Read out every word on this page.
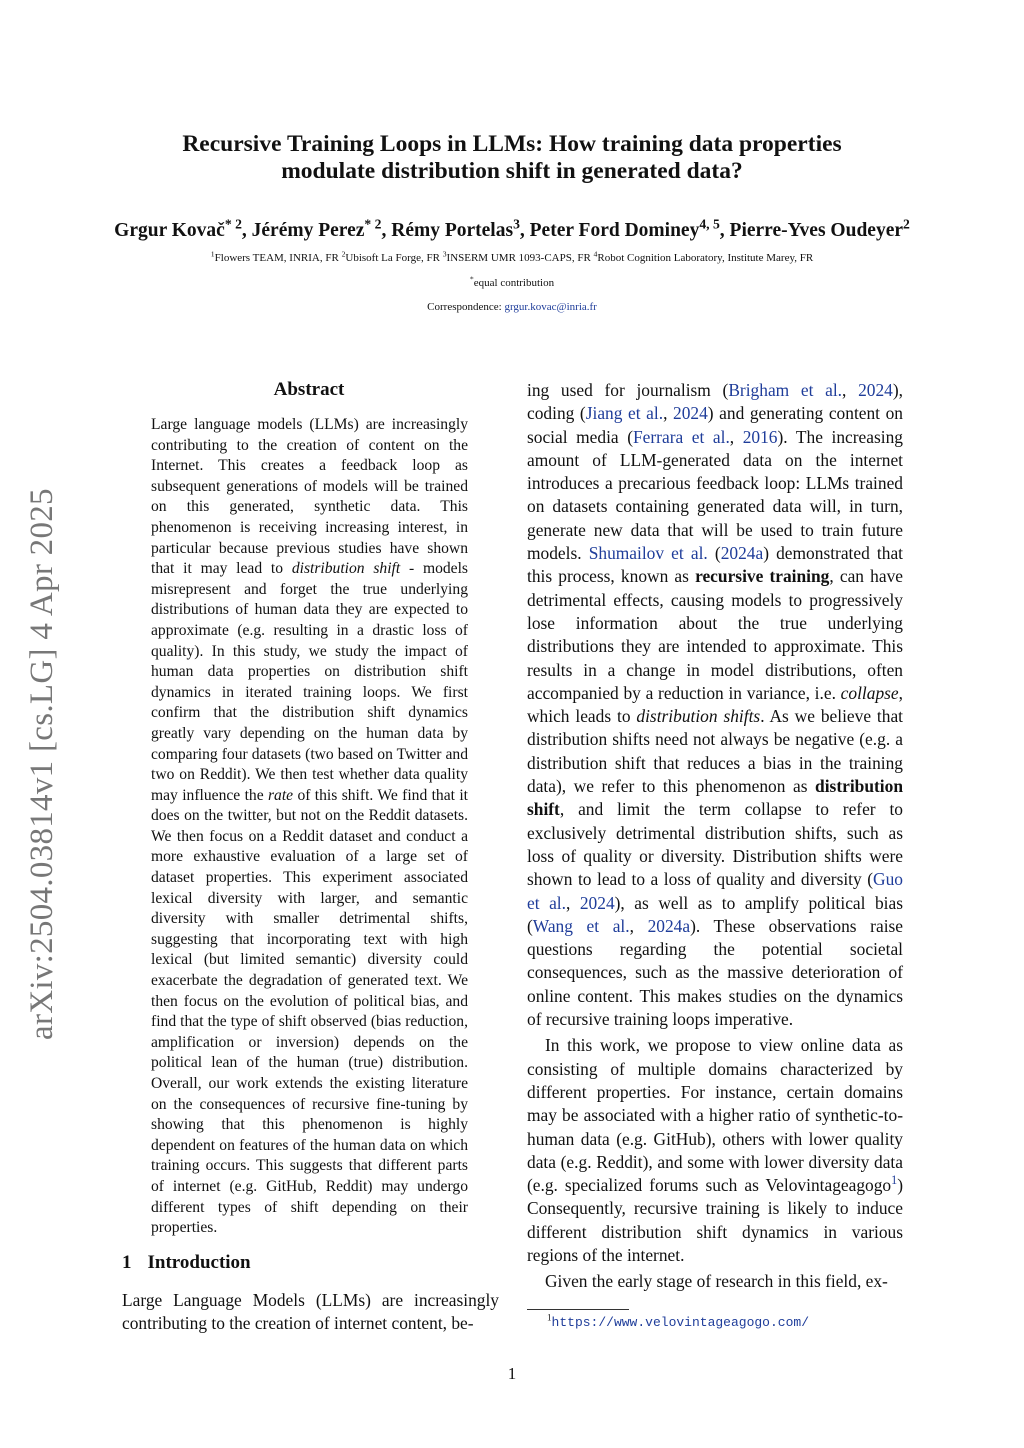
Recursive Training Loops in LLMs: How training data properties
modulate distribution shift in generated data?
Grgur Kovač$^{* 2}$, Jérémy Perez$^{* 2}$, Rémy Portelas$^3$, Peter Ford Dominey$^{4, 5}$, Pierre-Yves Oudeyer$^2$
$^1$Flowers TEAM, INRIA, FR $^2$Ubisoft La Forge, FR $^3$INSERM UMR 1093-CAPS, FR $^4$Robot Cognition Laboratory, Institute Marey, FR
*equal contribution
Correspondence: grgur.kovac@inria.fr
arXiv:2504.03814v1 [cs.LG] 4 Apr 2025
Abstract
Large language models (LLMs) are increasingly contributing to the creation of content on the Internet. This creates a feedback loop as subsequent generations of models will be trained on this generated, synthetic data. This phenomenon is receiving increasing interest, in particular because previous studies have shown that it may lead to distribution shift - models misrepresent and forget the true underlying distributions of human data they are expected to approximate (e.g. resulting in a drastic loss of quality). In this study, we study the impact of human data properties on distribution shift dynamics in iterated training loops. We first confirm that the distribution shift dynamics greatly vary depending on the human data by comparing four datasets (two based on Twitter and two on Reddit). We then test whether data quality may influence the rate of this shift. We find that it does on the twitter, but not on the Reddit datasets. We then focus on a Reddit dataset and conduct a more exhaustive evaluation of a large set of dataset properties. This experiment associated lexical diversity with larger, and semantic diversity with smaller detrimental shifts, suggesting that incorporating text with high lexical (but limited semantic) diversity could exacerbate the degradation of generated text. We then focus on the evolution of political bias, and find that the type of shift observed (bias reduction, amplification or inversion) depends on the political lean of the human (true) distribution. Overall, our work extends the existing literature on the consequences of recursive fine-tuning by showing that this phenomenon is highly dependent on features of the human data on which training occurs. This suggests that different parts of internet (e.g. GitHub, Reddit) may undergo different types of shift depending on their properties.
1 Introduction
Large Language Models (LLMs) are increasingly contributing to the creation of internet content, be-

ing used for journalism (Brigham et al., 2024), coding (Jiang et al., 2024) and generating content on social media (Ferrara et al., 2016). The increasing amount of LLM-generated data on the internet introduces a precarious feedback loop: LLMs trained on datasets containing generated data will, in turn, generate new data that will be used to train future models. Shumailov et al. (2024a) demonstrated that this process, known as recursive training, can have detrimental effects, causing models to progressively lose information about the true underlying distributions they are intended to approximate. This results in a change in model distributions, often accompanied by a reduction in variance, i.e. collapse, which leads to distribution shifts. As we believe that distribution shifts need not always be negative (e.g. a distribution shift that reduces a bias in the training data), we refer to this phenomenon as distribution shift, and limit the term collapse to refer to exclusively detrimental distribution shifts, such as loss of quality or diversity. Distribution shifts were shown to lead to a loss of quality and diversity (Guo et al., 2024), as well as to amplify political bias (Wang et al., 2024a). These observations raise questions regarding the potential societal consequences, such as the massive deterioration of online content. This makes studies on the dynamics of recursive training loops imperative.

In this work, we propose to view online data as consisting of multiple domains characterized by different properties. For instance, certain domains may be associated with a higher ratio of synthetic-to-human data (e.g. GitHub), others with lower quality data (e.g. Reddit), and some with lower diversity data (e.g. specialized forums such as Velovintageagogo$^1$) Consequently, recursive training is likely to induce different distribution shift dynamics in various regions of the internet.

Given the early stage of research in this field, ex-

$^1$https://www.velovintageagogo.com/
1
